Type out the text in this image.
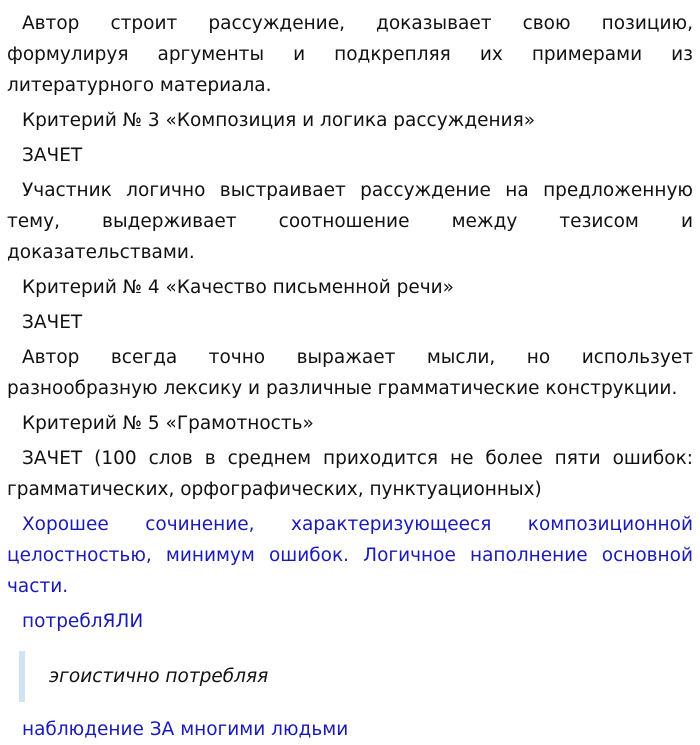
Автор строит рассуждение, доказывает свою позицию, формулируя аргументы и подкрепляя их примерами из литературного материала.

Критерий № 3 «Композиция и логика рассуждения»

ЗАЧЕТ

Участник логично выстраивает рассуждение на предложенную тему, выдерживает соотношение между тезисом и доказательствами.

Критерий № 4 «Качество письменной речи»

ЗАЧЕТ

Автор всегда точно выражает мысли, но использует разнообразную лексику и различные грамматические конструкции.

Критерий № 5 «Грамотность»

ЗАЧЕТ (100 слов в среднем приходится не более пяти ошибок: грамматических, орфографических, пунктуационных)

Хорошее сочинение, характеризующееся композиционной целостностью, минимум ошибок. Логичное наполнение основной части.

потреблЯЛИ

эгоистично потребляя

наблюдение ЗА многими людьми
